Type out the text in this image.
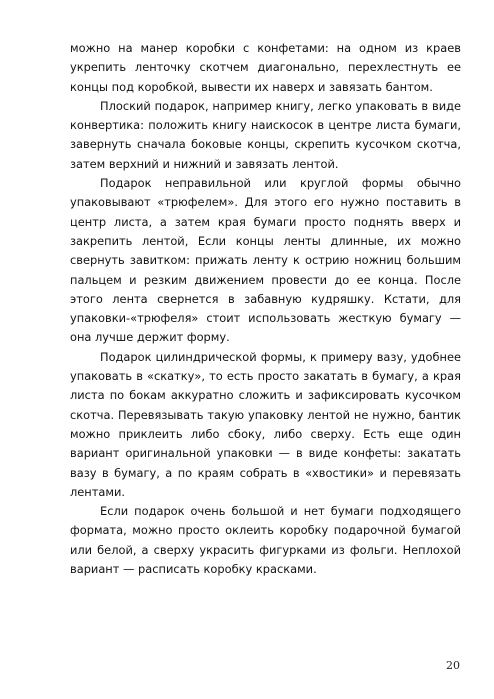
можно на манер коробки с конфетами: на одном из краев укрепить ленточку скотчем диагонально, перехлестнуть ее концы под коробкой, вывести их наверх и завязать бантом.

Плоский подарок, например книгу, легко упаковать в виде конвертика: положить книгу наискосок в центре листа бумаги, завернуть сначала боковые концы, скрепить кусочком скотча, затем верхний и нижний и завязать лентой.

Подарок неправильной или круглой формы обычно упаковывают «трюфелем». Для этого его нужно поставить в центр листа, а затем края бумаги просто поднять вверх и закрепить лентой, Если концы ленты длинные, их можно свернуть завитком: прижать ленту к острию ножниц большим пальцем и резким движением провести до ее конца. После этого лента свернется в забавную кудряшку. Кстати, для упаковки-«трюфеля» стоит использовать жесткую бумагу — она лучше держит форму.

Подарок цилиндрической формы, к примеру вазу, удобнее упаковать в «скатку», то есть просто закатать в бумагу, а края листа по бокам аккуратно сложить и зафиксировать кусочком скотча. Перевязывать такую упаковку лентой не нужно, бантик можно приклеить либо сбоку, либо сверху. Есть еще один вариант оригинальной упаковки — в виде конфеты: закатать вазу в бумагу, а по краям собрать в «хвостики» и перевязать лентами.

Если подарок очень большой и нет бумаги подходящего формата, можно просто оклеить коробку подарочной бумагой или белой, а сверху украсить фигурками из фольги. Неплохой вариант — расписать коробку красками.

20
